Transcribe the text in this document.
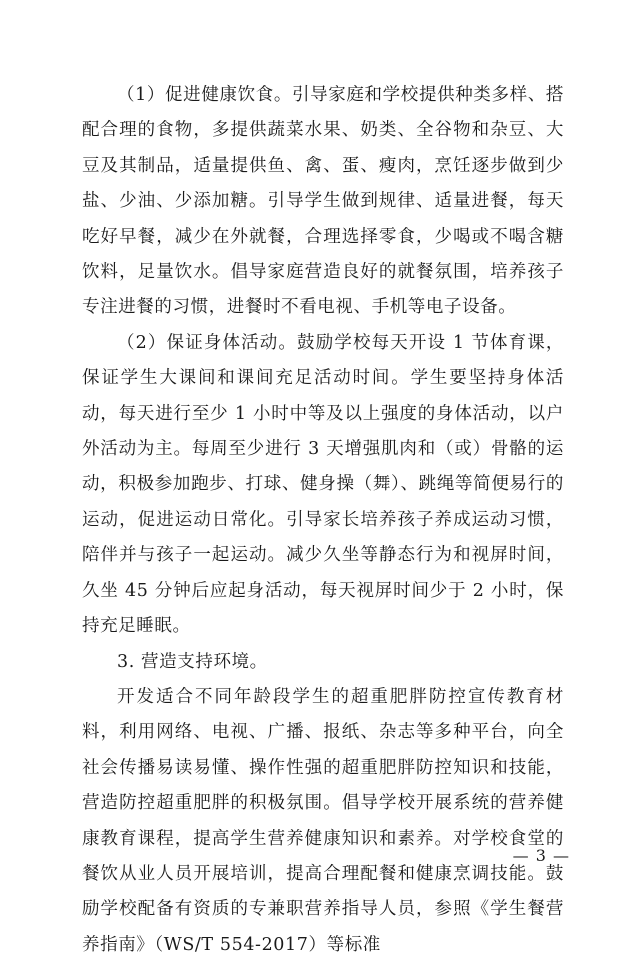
（1）促进健康饮食。引导家庭和学校提供种类多样、搭配合理的食物，多提供蔬菜水果、奶类、全谷物和杂豆、大豆及其制品，适量提供鱼、禽、蛋、瘦肉，烹饪逐步做到少盐、少油、少添加糖。引导学生做到规律、适量进餐，每天吃好早餐，减少在外就餐，合理选择零食，少喝或不喝含糖饮料，足量饮水。倡导家庭营造良好的就餐氛围，培养孩子专注进餐的习惯，进餐时不看电视、手机等电子设备。

（2）保证身体活动。鼓励学校每天开设 1 节体育课，保证学生大课间和课间充足活动时间。学生要坚持身体活动，每天进行至少 1 小时中等及以上强度的身体活动，以户外活动为主。每周至少进行 3 天增强肌肉和（或）骨骼的运动，积极参加跑步、打球、健身操（舞）、跳绳等简便易行的运动，促进运动日常化。引导家长培养孩子养成运动习惯，陪伴并与孩子一起运动。减少久坐等静态行为和视屏时间，久坐 45 分钟后应起身活动，每天视屏时间少于 2 小时，保持充足睡眠。

3. 营造支持环境。

开发适合不同年龄段学生的超重肥胖防控宣传教育材料，利用网络、电视、广播、报纸、杂志等多种平台，向全社会传播易读易懂、操作性强的超重肥胖防控知识和技能，营造防控超重肥胖的积极氛围。倡导学校开展系统的营养健康教育课程，提高学生营养健康知识和素养。对学校食堂的餐饮从业人员开展培训，提高合理配餐和健康烹调技能。鼓励学校配备有资质的专兼职营养指导人员，参照《学生餐营养指南》（WS/T 554-2017）等标准

— 3 —
